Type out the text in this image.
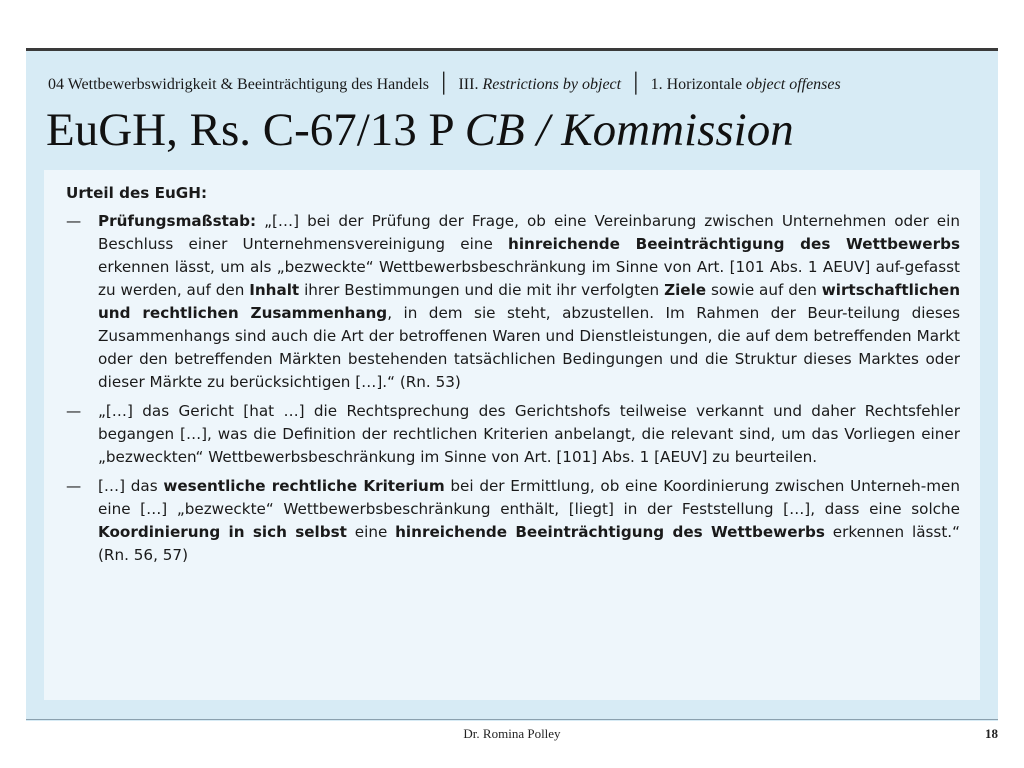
04 Wettbewerbswidrigkeit & Beeinträchtigung des Handels │ III. Restrictions by object │ 1. Horizontale object offenses
EuGH, Rs. C-67/13 P CB / Kommission
Urteil des EuGH:
— Prüfungsmaßstab: „[…] bei der Prüfung der Frage, ob eine Vereinbarung zwischen Unternehmen oder ein Beschluss einer Unternehmensvereinigung eine hinreichende Beeinträchtigung des Wettbewerbs erkennen lässt, um als „bezweckte“ Wettbewerbsbeschränkung im Sinne von Art. [101 Abs. 1 AEUV] auf-gefasst zu werden, auf den Inhalt ihrer Bestimmungen und die mit ihr verfolgten Ziele sowie auf den wirtschaftlichen und rechtlichen Zusammenhang, in dem sie steht, abzustellen. Im Rahmen der Beur-teilung dieses Zusammenhangs sind auch die Art der betroffenen Waren und Dienstleistungen, die auf dem betreffenden Markt oder den betreffenden Märkten bestehenden tatsächlichen Bedingungen und die Struktur dieses Marktes oder dieser Märkte zu berücksichtigen […].“ (Rn. 53)
— „[…] das Gericht [hat …] die Rechtsprechung des Gerichtshofs teilweise verkannt und daher Rechtsfehler begangen […], was die Definition der rechtlichen Kriterien anbelangt, die relevant sind, um das Vorliegen einer „bezweckten“ Wettbewerbsbeschränkung im Sinne von Art. [101] Abs. 1 [AEUV] zu beurteilen.
— […] das wesentliche rechtliche Kriterium bei der Ermittlung, ob eine Koordinierung zwischen Unterneh-men eine […] „bezweckte“ Wettbewerbsbeschränkung enthält, [liegt] in der Feststellung […], dass eine solche Koordinierung in sich selbst eine hinreichende Beeinträchtigung des Wettbewerbs erkennen lässt.“ (Rn. 56, 57)
Dr. Romina Polley	18
